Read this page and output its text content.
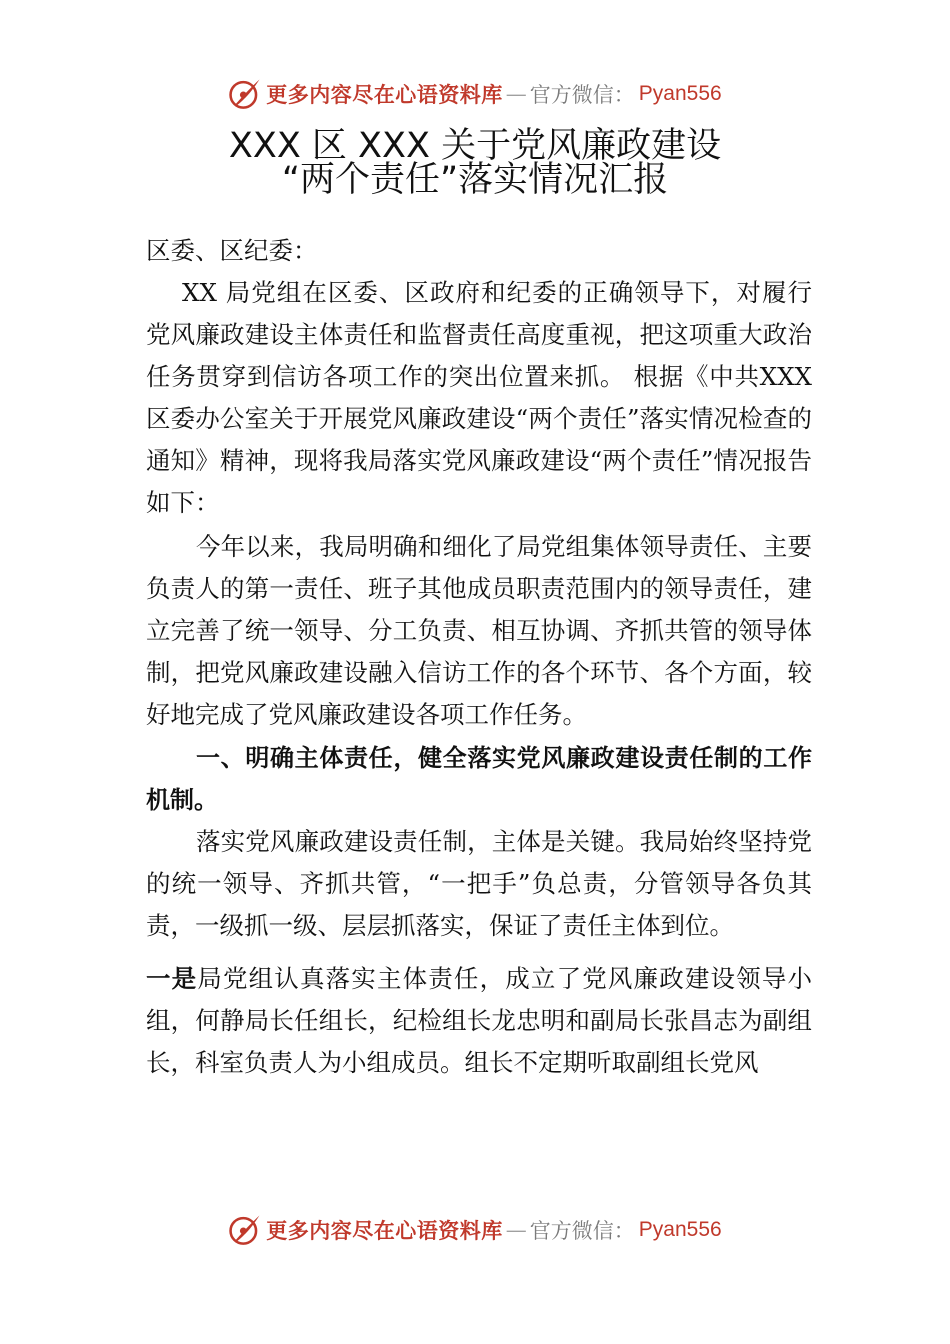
更多内容尽在心语资料库 — 官方微信： Pyan556
XXX 区 XXX 关于党风廉政建设
“两个责任”落实情况汇报

区委、区纪委：

XX 局党组在区委、区政府和纪委的正确领导下，对履行党风廉政建设主体责任和监督责任高度重视，把这项重大政治任务贯穿到信访各项工作的突出位置来抓。 根据《中共XXX 区委办公室关于开展党风廉政建设“两个责任”落实情况检查的通知》精神，现将我局落实党风廉政建设“两个责任”情况报告如下：

今年以来，我局明确和细化了局党组集体领导责任、主要负责人的第一责任、班子其他成员职责范围内的领导责任，建立完善了统一领导、分工负责、相互协调、齐抓共管的领导体制，把党风廉政建设融入信访工作的各个环节、各个方面，较好地完成了党风廉政建设各项工作任务。

一、明确主体责任，健全落实党风廉政建设责任制的工作机制。

落实党风廉政建设责任制，主体是关键。我局始终坚持党的统一领导、齐抓共管，“一把手”负总责，分管领导各负其责，一级抓一级、层层抓落实，保证了责任主体到位。

一是局党组认真落实主体责任，成立了党风廉政建设领导小组，何静局长任组长，纪检组长龙忠明和副局长张昌志为副组长，科室负责人为小组成员。组长不定期听取副组长党风

更多内容尽在心语资料库 — 官方微信： Pyan556
